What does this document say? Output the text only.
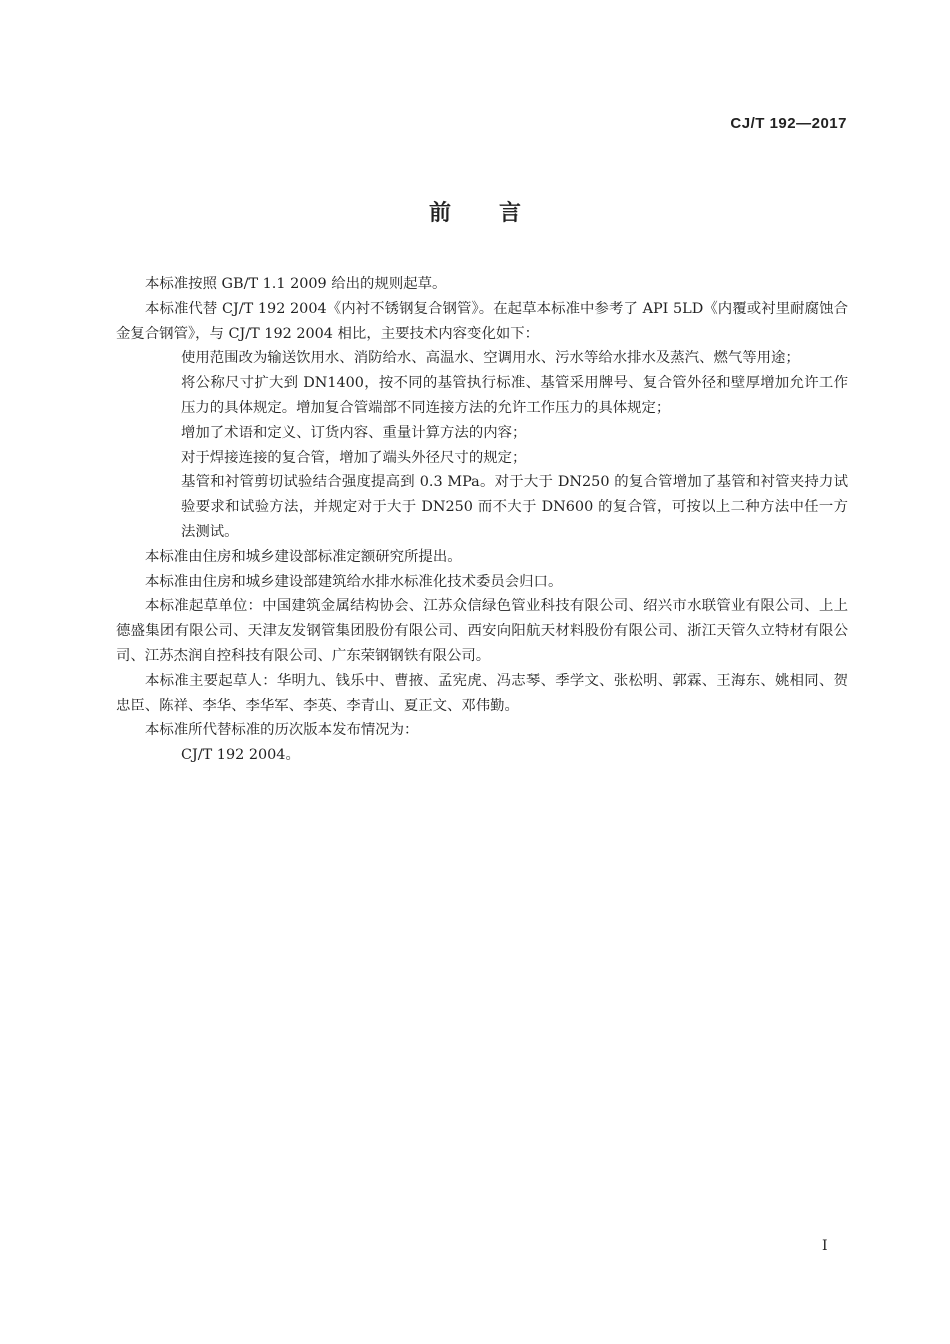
CJ/T 192—2017
前言

本标准按照 GB/T 1.1 2009 给出的规则起草。

本标准代替 CJ/T 192 2004《内衬不锈钢复合钢管》。在起草本标准中参考了 API 5LD《内覆或衬里耐腐蚀合金复合钢管》，与 CJ/T 192 2004 相比，主要技术内容变化如下：

使用范围改为输送饮用水、消防给水、高温水、空调用水、污水等给水排水及蒸汽、燃气等用途；

将公称尺寸扩大到 DN1400，按不同的基管执行标准、基管采用牌号、复合管外径和壁厚增加允许工作压力的具体规定。增加复合管端部不同连接方法的允许工作压力的具体规定；

增加了术语和定义、订货内容、重量计算方法的内容；

对于焊接连接的复合管，增加了端头外径尺寸的规定；

基管和衬管剪切试验结合强度提高到 0.3 MPa。对于大于 DN250 的复合管增加了基管和衬管夹持力试验要求和试验方法，并规定对于大于 DN250 而不大于 DN600 的复合管，可按以上二种方法中任一方法测试。

本标准由住房和城乡建设部标准定额研究所提出。

本标准由住房和城乡建设部建筑给水排水标准化技术委员会归口。

本标准起草单位：中国建筑金属结构协会、江苏众信绿色管业科技有限公司、绍兴市水联管业有限公司、上上德盛集团有限公司、天津友发钢管集团股份有限公司、西安向阳航天材料股份有限公司、浙江天管久立特材有限公司、江苏杰润自控科技有限公司、广东荣钢钢铁有限公司。

本标准主要起草人：华明九、钱乐中、曹掖、孟宪虎、冯志琴、季学文、张松明、郭霖、王海东、姚相同、贺忠臣、陈祥、李华、李华军、李英、李青山、夏正文、邓伟勤。

本标准所代替标准的历次版本发布情况为：

CJ/T 192 2004。

I
